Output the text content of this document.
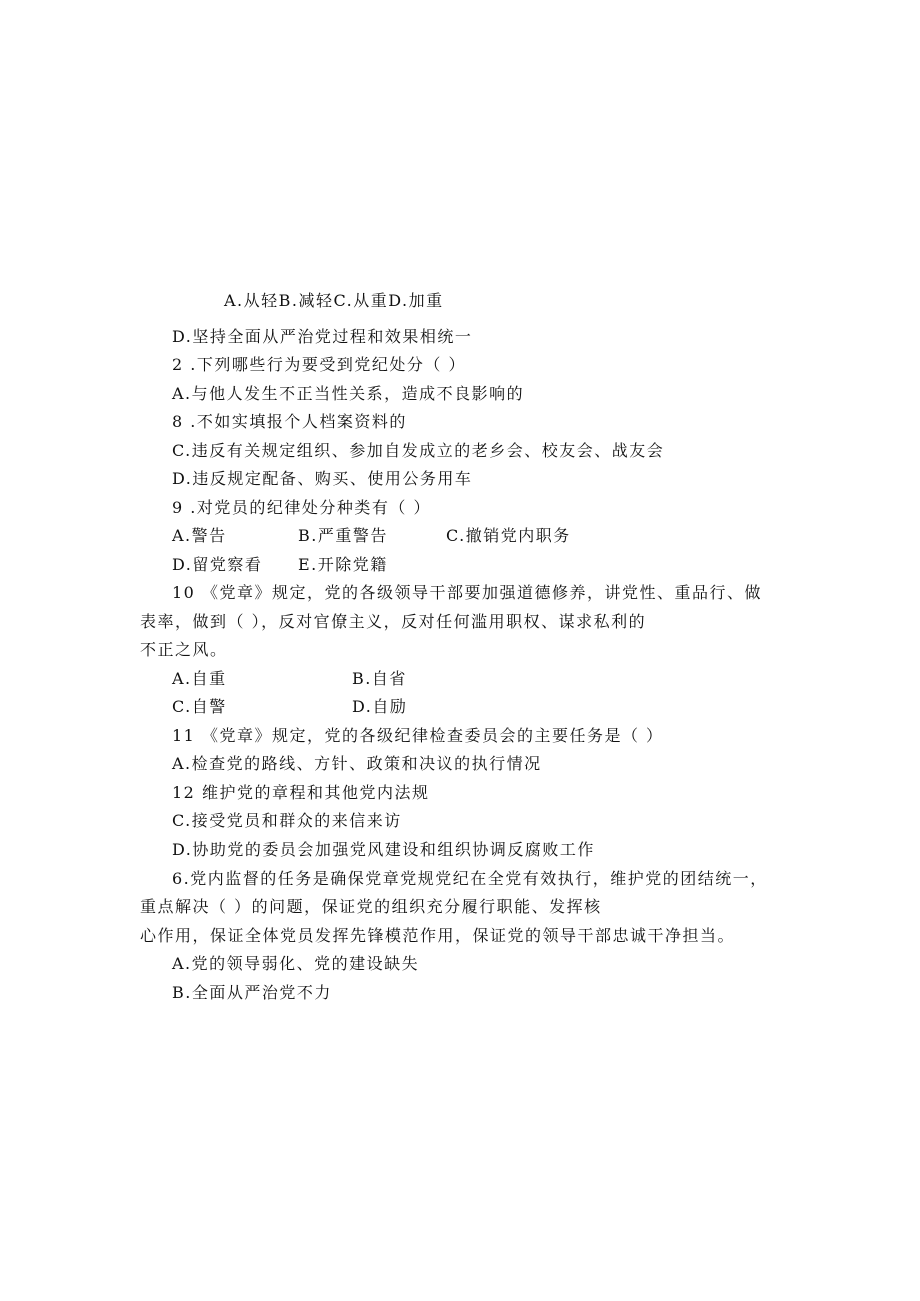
A.从轻B.减轻C.从重D.加重
D.坚持全面从严治党过程和效果相统一
2 .下列哪些行为要受到党纪处分（ ）
A.与他人发生不正当性关系，造成不良影响的
8 .不如实填报个人档案资料的
C.违反有关规定组织、参加自发成立的老乡会、校友会、战友会
D.违反规定配备、购买、使用公务用车
9 .对党员的纪律处分种类有（ ）
A.警告	B.严重警告	C.撤销党内职务
D.留党察看 E.开除党籍
10 《党章》规定，党的各级领导干部要加强道德修养，讲党性、重品行、做
表率，做到（ ），反对官僚主义，反对任何滥用职权、谋求私利的
不正之风。
A.自重	B.自省
C.自警	D.自励
11 《党章》规定，党的各级纪律检查委员会的主要任务是（ ）
A.检查党的路线、方针、政策和决议的执行情况
12 维护党的章程和其他党内法规
C.接受党员和群众的来信来访
D.协助党的委员会加强党风建设和组织协调反腐败工作
6.党内监督的任务是确保党章党规党纪在全党有效执行，维护党的团结统一，
重点解决（ ）的问题，保证党的组织充分履行职能、发挥核
心作用，保证全体党员发挥先锋模范作用，保证党的领导干部忠诚干净担当。
A.党的领导弱化、党的建设缺失
B.全面从严治党不力
